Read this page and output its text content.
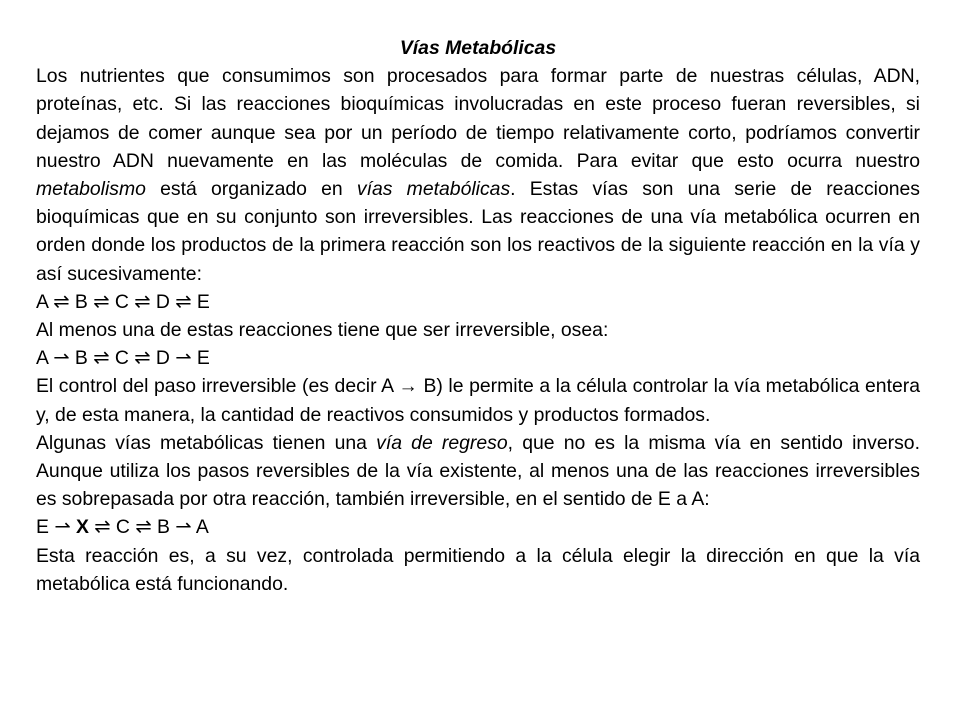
Vías Metabólicas
Los nutrientes que consumimos son procesados para formar parte de nuestras células, ADN, proteínas, etc. Si las reacciones bioquímicas involucradas en este proceso fueran reversibles, si dejamos de comer aunque sea por un período de tiempo relativamente corto, podríamos convertir nuestro ADN nuevamente en las moléculas de comida. Para evitar que esto ocurra nuestro metabolismo está organizado en vías metabólicas. Estas vías son una serie de reacciones bioquímicas que en su conjunto son irreversibles. Las reacciones de una vía metabólica ocurren en orden donde los productos de la primera reacción son los reactivos de la siguiente reacción en la vía y así sucesivamente:
A ⇌ B ⇌ C ⇌ D ⇌ E
Al menos una de estas reacciones tiene que ser irreversible, osea:
A ⇀ B ⇌ C ⇌ D ⇀ E
El control del paso irreversible (es decir A → B) le permite a la célula controlar la vía metabólica entera y, de esta manera, la cantidad de reactivos consumidos y productos formados.
Algunas vías metabólicas tienen una vía de regreso, que no es la misma vía en sentido inverso. Aunque utiliza los pasos reversibles de la vía existente, al menos una de las reacciones irreversibles es sobrepasada por otra reacción, también irreversible, en el sentido de E a A:
E ⇀ X ⇌ C ⇌ B ⇀ A
Esta reacción es, a su vez, controlada permitiendo a la célula elegir la dirección en que la vía metabólica está funcionando.
